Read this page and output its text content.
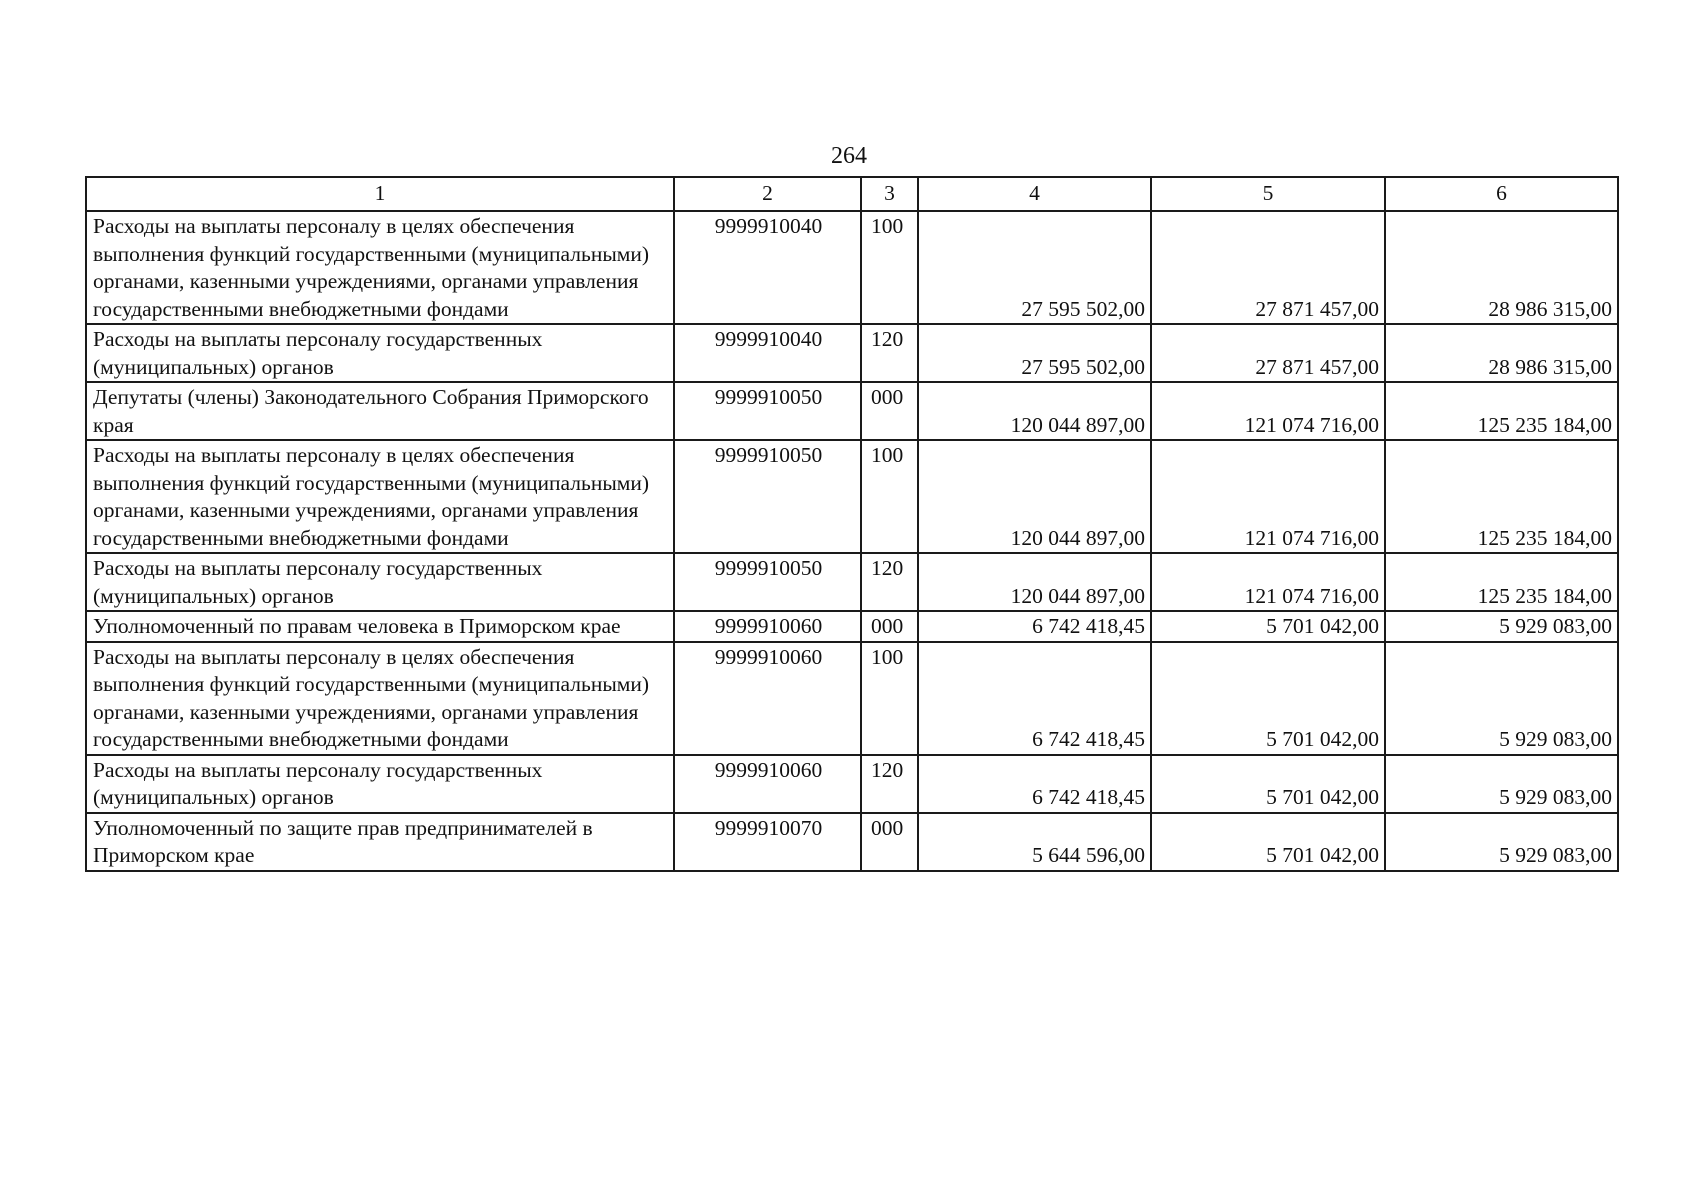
264
1	2	3	4	5	6
Расходы на выплаты персоналу в целях обеспечения выполнения функций государственными (муниципальными) органами, казенными учреждениями, органами управления государственными внебюджетными фондами	9999910040	100	27 595 502,00	27 871 457,00	28 986 315,00
Расходы на выплаты персоналу государственных (муниципальных) органов	9999910040	120	27 595 502,00	27 871 457,00	28 986 315,00
Депутаты (члены) Законодательного Собрания Приморского края	9999910050	000	120 044 897,00	121 074 716,00	125 235 184,00
Расходы на выплаты персоналу в целях обеспечения выполнения функций государственными (муниципальными) органами, казенными учреждениями, органами управления государственными внебюджетными фондами	9999910050	100	120 044 897,00	121 074 716,00	125 235 184,00
Расходы на выплаты персоналу государственных (муниципальных) органов	9999910050	120	120 044 897,00	121 074 716,00	125 235 184,00
Уполномоченный по правам человека в Приморском крае	9999910060	000	6 742 418,45	5 701 042,00	5 929 083,00
Расходы на выплаты персоналу в целях обеспечения выполнения функций государственными (муниципальными) органами, казенными учреждениями, органами управления государственными внебюджетными фондами	9999910060	100	6 742 418,45	5 701 042,00	5 929 083,00
Расходы на выплаты персоналу государственных (муниципальных) органов	9999910060	120	6 742 418,45	5 701 042,00	5 929 083,00
Уполномоченный по защите прав предпринимателей в Приморском крае	9999910070	000	5 644 596,00	5 701 042,00	5 929 083,00
